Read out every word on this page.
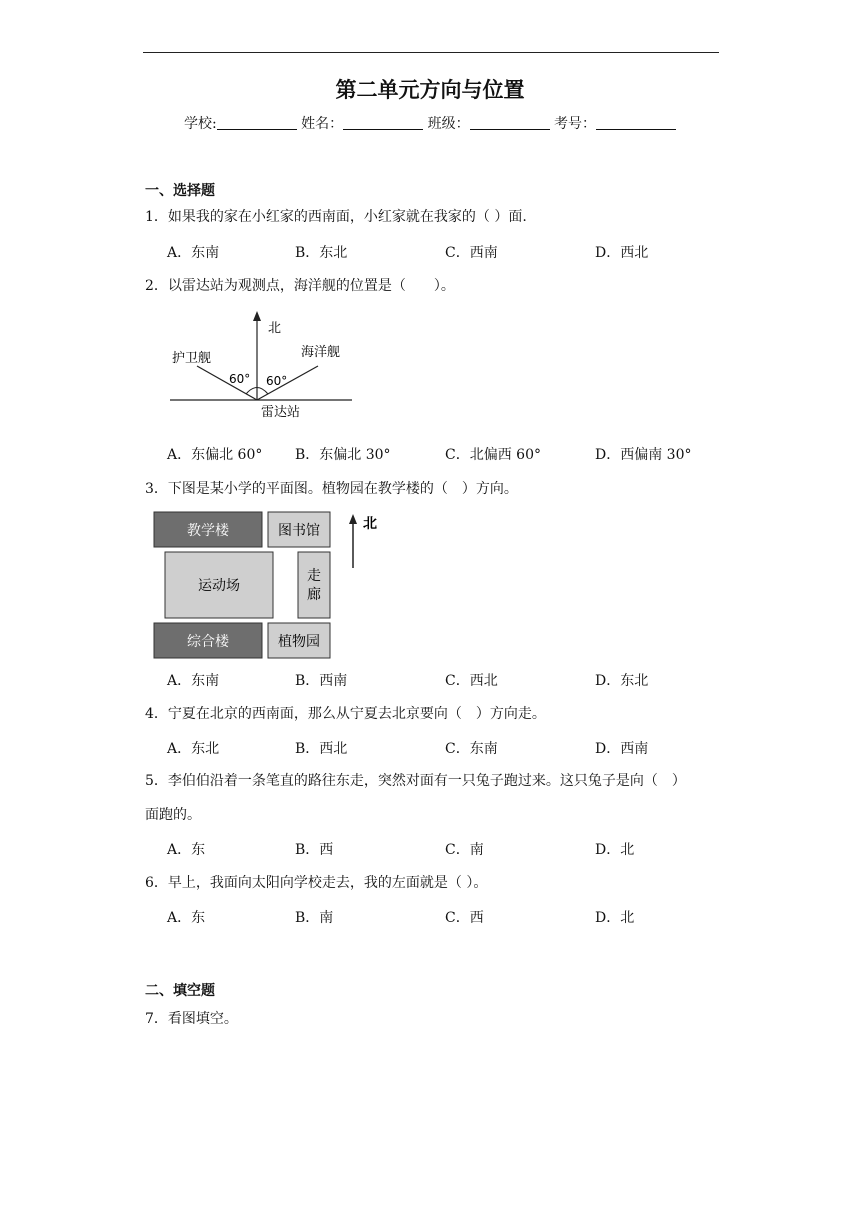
第二单元方向与位置
学校:	姓名：	班级：	考号：
一、选择题
1．如果我的家在小红家的西南面，小红家就在我家的（ ）面.
A．东南	B．东北	C．西南	D．西北
2．以雷达站为观测点，海洋舰的位置是（　　）。
北
护卫舰	海洋舰
60° 60°
雷达站
A．东偏北 60° B．东偏北 30°	C．北偏西 60°	D．西偏南 30°
3．下图是某小学的平面图。植物园在教学楼的（　）方向。
教学楼	图书馆
运动场
走
廊
综合楼	植物园
北
A．东南	B．西南	C．西北	D．东北
4．宁夏在北京的西南面，那么从宁夏去北京要向（　）方向走。
A．东北	B．西北	C．东南	D．西南
5．李伯伯沿着一条笔直的路往东走，突然对面有一只兔子跑过来。这只兔子是向（　）
面跑的。
A．东	B．西	C．南	D．北
6．早上，我面向太阳向学校走去，我的左面就是（ ）。
A．东	B．南	C．西	D．北
二、填空题
7．看图填空。
